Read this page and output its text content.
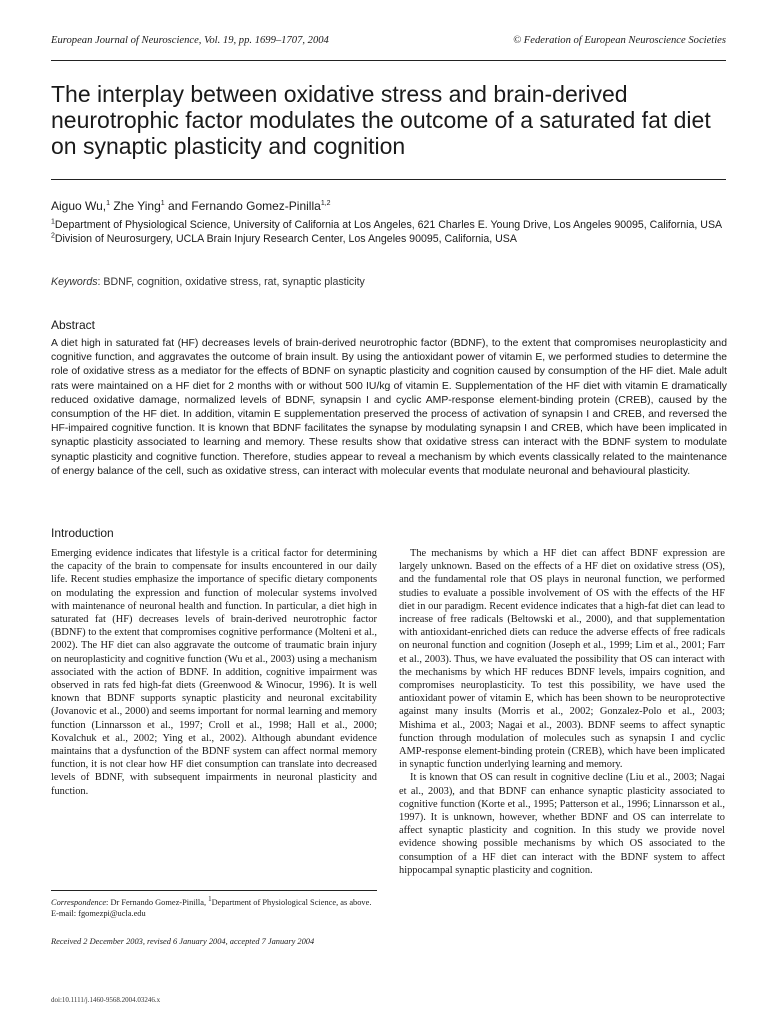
European Journal of Neuroscience, Vol. 19, pp. 1699–1707, 2004	© Federation of European Neuroscience Societies
The interplay between oxidative stress and brain-derived neurotrophic factor modulates the outcome of a saturated fat diet on synaptic plasticity and cognition
Aiguo Wu,$^1$ Zhe Ying$^1$ and Fernando Gomez-Pinilla$^{1,2}$

$^1$Department of Physiological Science, University of California at Los Angeles, 621 Charles E. Young Drive, Los Angeles 90095, California, USA

$^2$Division of Neurosurgery, UCLA Brain Injury Research Center, Los Angeles 90095, California, USA

Keywords: BDNF, cognition, oxidative stress, rat, synaptic plasticity
Abstract

A diet high in saturated fat (HF) decreases levels of brain-derived neurotrophic factor (BDNF), to the extent that compromises neuroplasticity and cognitive function, and aggravates the outcome of brain insult. By using the antioxidant power of vitamin E, we performed studies to determine the role of oxidative stress as a mediator for the effects of BDNF on synaptic plasticity and cognition caused by consumption of the HF diet. Male adult rats were maintained on a HF diet for 2 months with or without 500 IU/kg of vitamin E. Supplementation of the HF diet with vitamin E dramatically reduced oxidative damage, normalized levels of BDNF, synapsin I and cyclic AMP-response element-binding protein (CREB), caused by the consumption of the HF diet. In addition, vitamin E supplementation preserved the process of activation of synapsin I and CREB, and reversed the HF-impaired cognitive function. It is known that BDNF facilitates the synapse by modulating synapsin I and CREB, which have been implicated in synaptic plasticity associated to learning and memory. These results show that oxidative stress can interact with the BDNF system to modulate synaptic plasticity and cognitive function. Therefore, studies appear to reveal a mechanism by which events classically related to the maintenance of energy balance of the cell, such as oxidative stress, can interact with molecular events that modulate neuronal and behavioural plasticity.

Introduction

Emerging evidence indicates that lifestyle is a critical factor for determining the capacity of the brain to compensate for insults encountered in our daily life. Recent studies emphasize the importance of specific dietary components on modulating the expression and function of molecular systems involved with maintenance of neuronal health and function. In particular, a diet high in saturated fat (HF) decreases levels of brain-derived neurotrophic factor (BDNF) to the extent that compromises cognitive performance (Molteni et al., 2002). The HF diet can also aggravate the outcome of traumatic brain injury on neuroplasticity and cognitive function (Wu et al., 2003) using a mechanism associated with the action of BDNF. In addition, cognitive impairment was observed in rats fed high-fat diets (Greenwood & Winocur, 1996). It is well known that BDNF supports synaptic plasticity and neuronal excitability (Jovanovic et al., 2000) and seems important for normal learning and memory function (Linnarsson et al., 1997; Croll et al., 1998; Hall et al., 2000; Kovalchuk et al., 2002; Ying et al., 2002). Although abundant evidence maintains that a dysfunction of the BDNF system can affect normal memory function, it is not clear how HF diet consumption can translate into decreased levels of BDNF, with subsequent impairments in neuronal plasticity and function.

The mechanisms by which a HF diet can affect BDNF expression are largely unknown. Based on the effects of a HF diet on oxidative stress (OS), and the fundamental role that OS plays in neuronal function, we performed studies to evaluate a possible involvement of OS with the effects of the HF diet in our paradigm. Recent evidence indicates that a high-fat diet can lead to increase of free radicals (Beltowski et al., 2000), and that supplementation with antioxidant-enriched diets can reduce the adverse effects of free radicals on neuronal function and cognition (Joseph et al., 1999; Lim et al., 2001; Farr et al., 2003). Thus, we have evaluated the possibility that OS can interact with the mechanisms by which HF reduces BDNF levels, impairs cognition, and compromises neuroplasticity. To test this possibility, we have used the antioxidant power of vitamin E, which has been shown to be neuroprotective against many insults (Morris et al., 2002; Gonzalez-Polo et al., 2003; Mishima et al., 2003; Nagai et al., 2003). BDNF seems to affect synaptic function through modulation of molecules such as synapsin I and cyclic AMP-response element-binding protein (CREB), which have been implicated in synaptic function underlying learning and memory.

It is known that OS can result in cognitive decline (Liu et al., 2003; Nagai et al., 2003), and that BDNF can enhance synaptic plasticity associated to cognitive function (Korte et al., 1995; Patterson et al., 1996; Linnarsson et al., 1997). It is unknown, however, whether BDNF and OS can interrelate to affect synaptic plasticity and cognition. In this study we provide novel evidence showing possible mechanisms by which OS associated to the consumption of a HF diet can interact with the BDNF system to affect hippocampal synaptic plasticity and cognition.

Correspondence: Dr Fernando Gomez-Pinilla, $^1$Department of Physiological Science, as above.
E-mail: fgomezpi@ucla.edu

Received 2 December 2003, revised 6 January 2004, accepted 7 January 2004
doi:10.1111/j.1460-9568.2004.03246.x
